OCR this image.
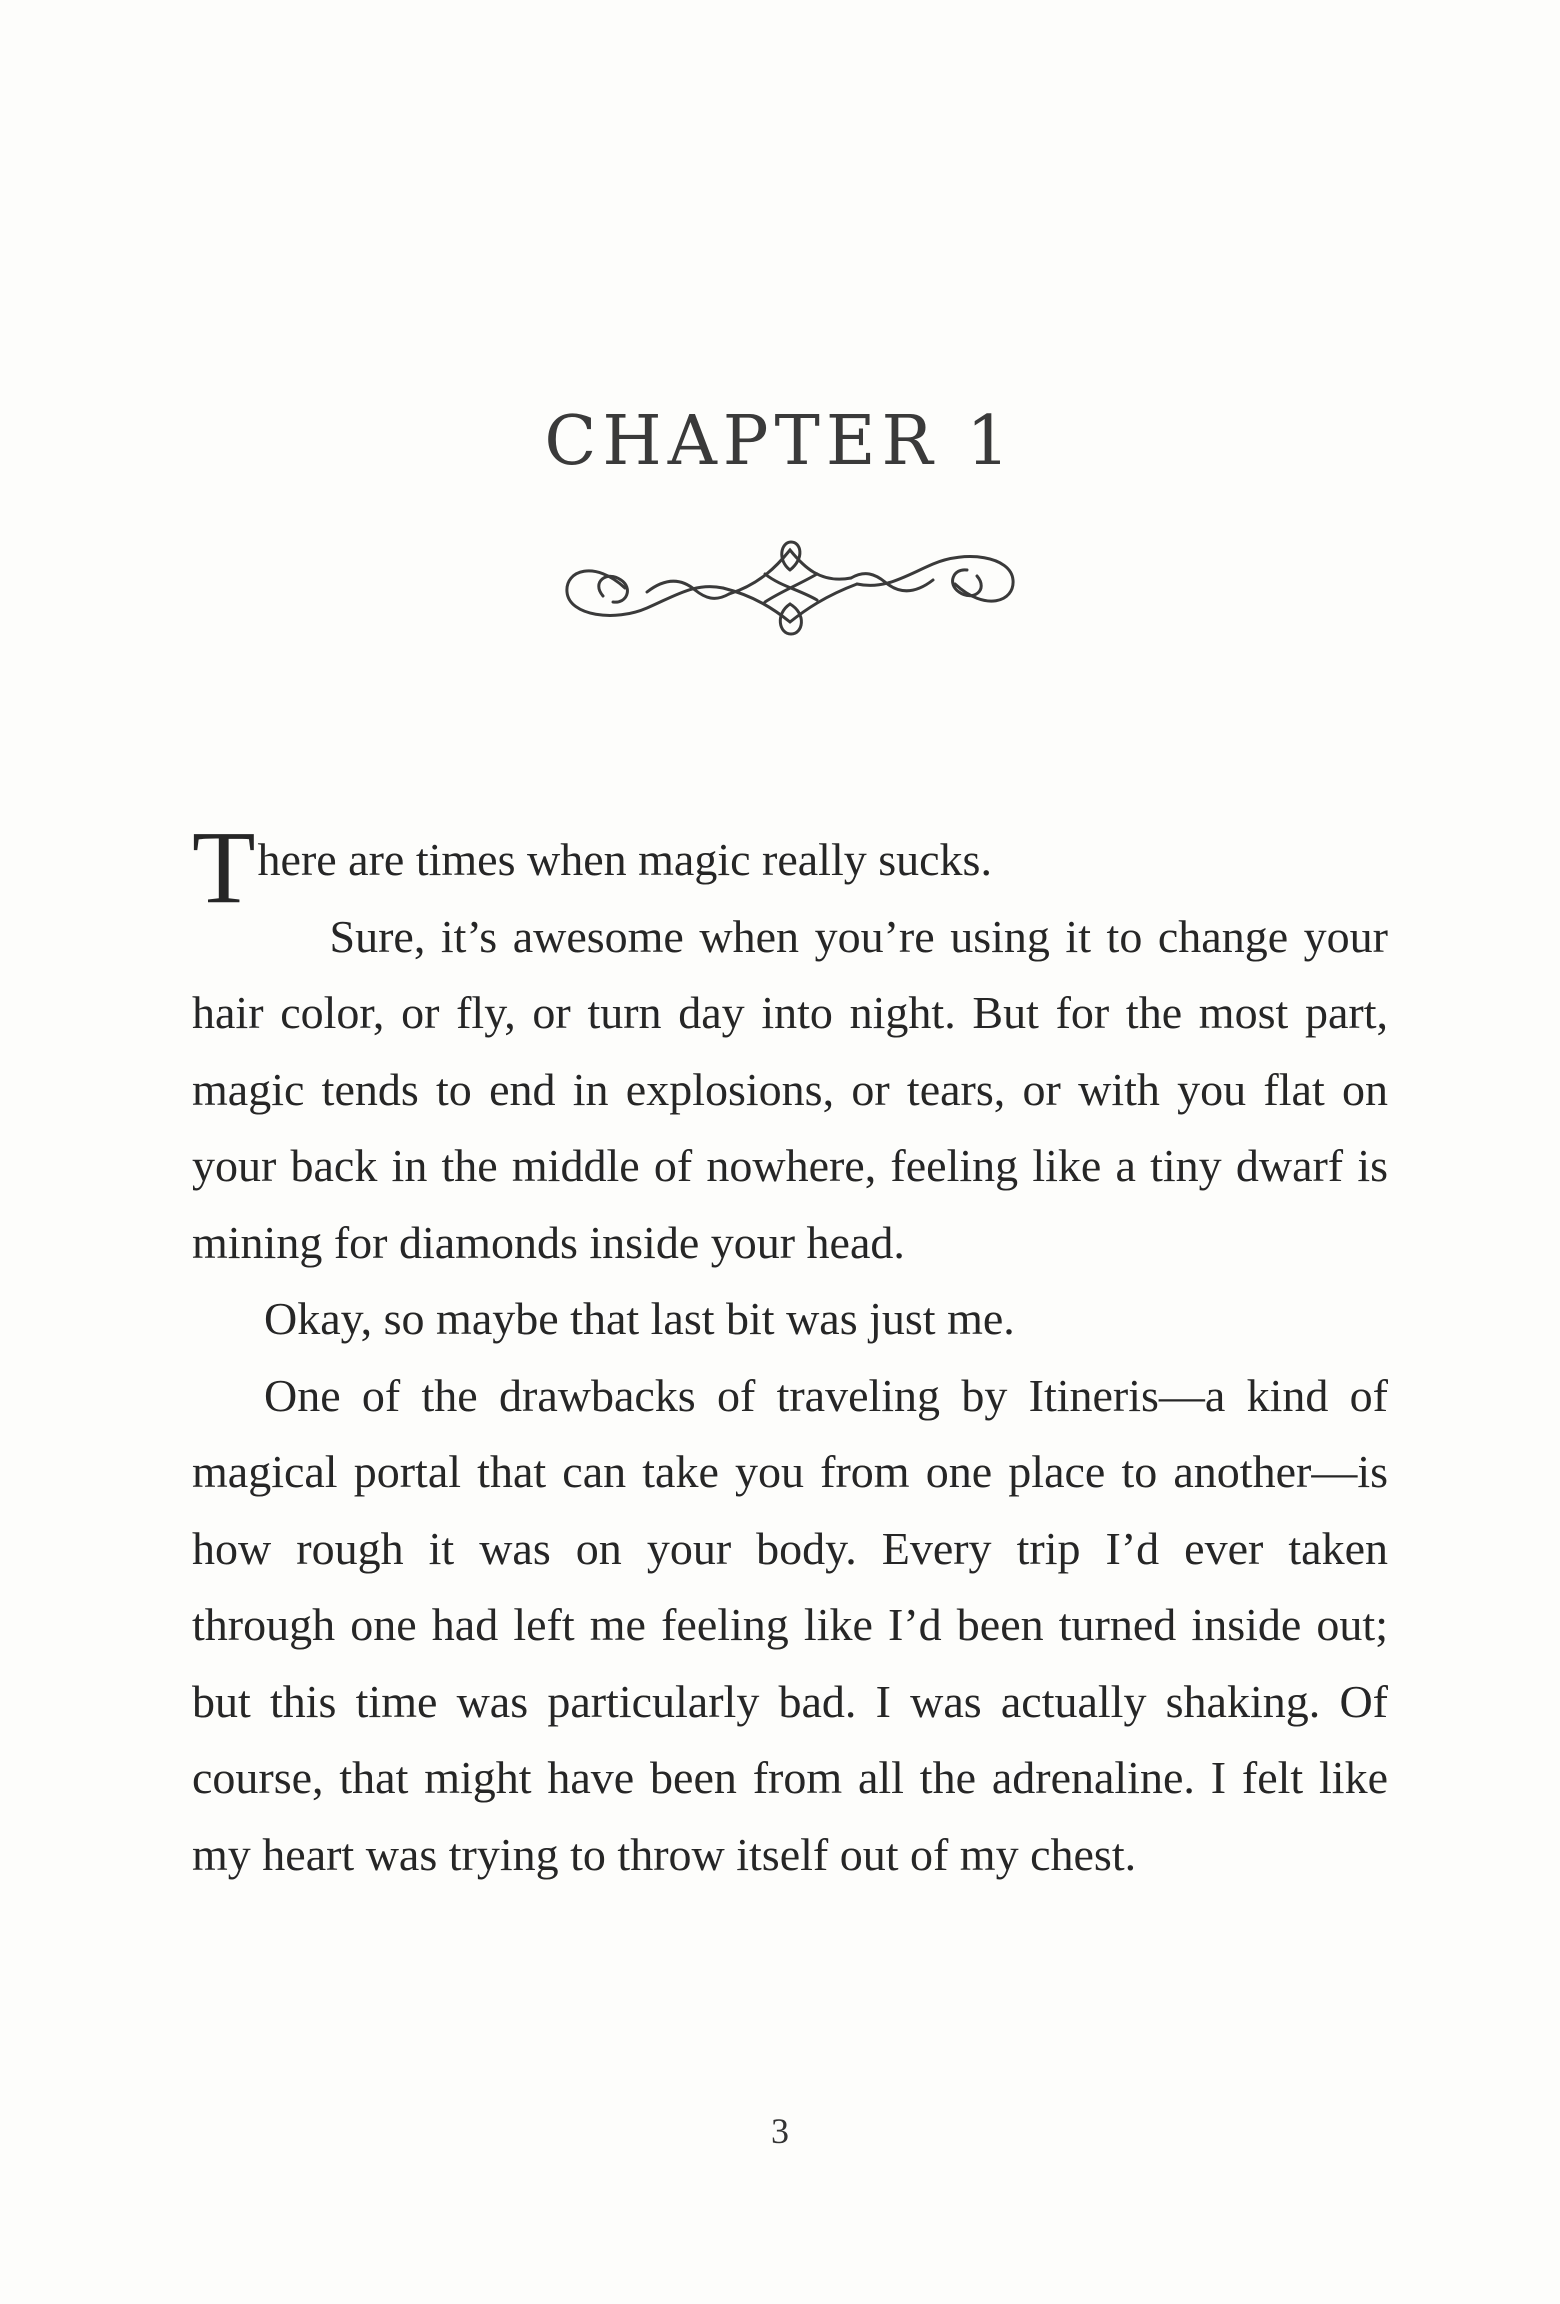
CHAPTER 1

There are times when magic really sucks.

Sure, it’s awesome when you’re using it to change your hair color, or fly, or turn day into night. But for the most part, magic tends to end in explosions, or tears, or with you flat on your back in the middle of nowhere, feeling like a tiny dwarf is mining for diamonds inside your head.

Okay, so maybe that last bit was just me.

One of the drawbacks of traveling by Itineris—a kind of magical portal that can take you from one place to another—is how rough it was on your body. Every trip I’d ever taken through one had left me feeling like I’d been turned inside out; but this time was particularly bad. I was actually shaking. Of course, that might have been from all the adrenaline. I felt like my heart was trying to throw itself out of my chest.

3
